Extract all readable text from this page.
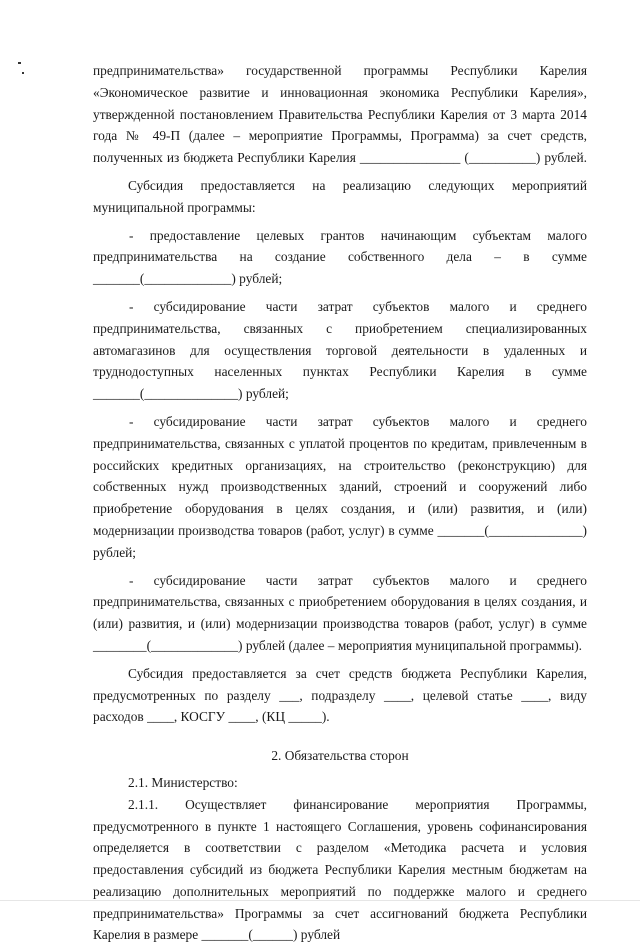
предпринимательства» государственной программы Республики Карелия «Экономическое развитие и инновационная экономика Республики Карелия», утвержденной постановлением Правительства Республики Карелия от 3 марта 2014 года № 49-П (далее – мероприятие Программы, Программа) за счет средств, полученных из бюджета Республики Карелия _______________ (__________) рублей.

Субсидия предоставляется на реализацию следующих мероприятий муниципальной программы:

- предоставление целевых грантов начинающим субъектам малого предпринимательства на создание собственного дела – в сумме _______(_____________) рублей;

- субсидирование части затрат субъектов малого и среднего предпринимательства, связанных с приобретением специализированных автомагазинов для осуществления торговой деятельности в удаленных и труднодоступных населенных пунктах Республики Карелия в сумме _______(______________) рублей;

- субсидирование части затрат субъектов малого и среднего предпринимательства, связанных с уплатой процентов по кредитам, привлеченным в российских кредитных организациях, на строительство (реконструкцию) для собственных нужд производственных зданий, строений и сооружений либо приобретение оборудования в целях создания, и (или) развития, и (или) модернизации производства товаров (работ, услуг) в сумме _______(______________) рублей;

- субсидирование части затрат субъектов малого и среднего предпринимательства, связанных с приобретением оборудования в целях создания, и (или) развития, и (или) модернизации производства товаров (работ, услуг) в сумме ________(_____________) рублей (далее – мероприятия муниципальной программы).

Субсидия предоставляется за счет средств бюджета Республики Карелия, предусмотренных по разделу ___, подразделу ____, целевой статье ____, виду расходов ____, КОСГУ ____, (КЦ _____).

2. Обязательства сторон

2.1. Министерство:

2.1.1. Осуществляет финансирование мероприятия Программы, предусмотренного в пункте 1 настоящего Соглашения, уровень софинансирования определяется в соответствии с разделом «Методика расчета и условия предоставления субсидий из бюджета Республики Карелия местным бюджетам на реализацию дополнительных мероприятий по поддержке малого и среднего предпринимательства» Программы за счет ассигнований бюджета Республики Карелия в размере _______(______) рублей
